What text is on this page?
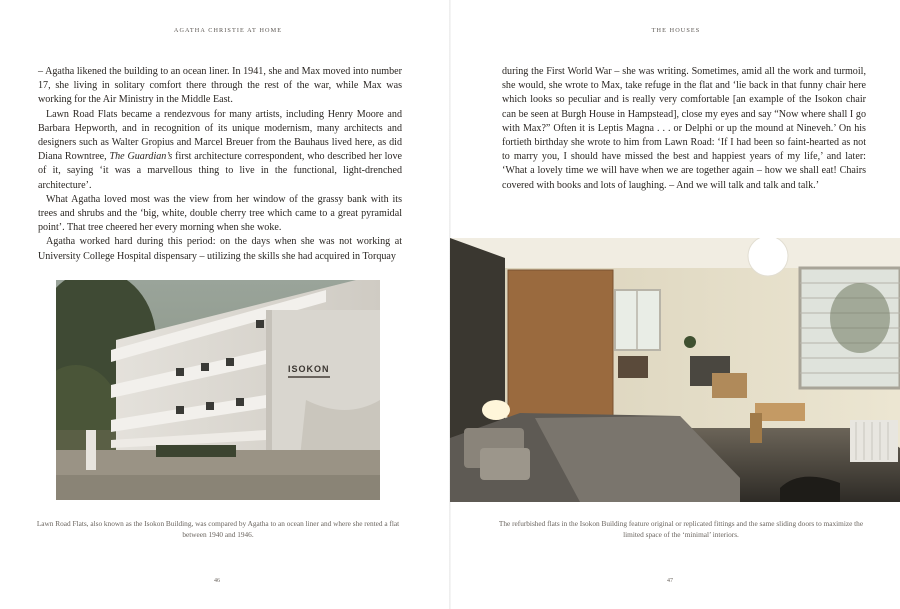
AGATHA CHRISTIE AT HOME

– Agatha likened the building to an ocean liner. In 1941, she and Max moved into number 17, she living in solitary comfort there through the rest of the war, while Max was working for the Air Ministry in the Middle East.

Lawn Road Flats became a rendezvous for many artists, including Henry Moore and Barbara Hepworth, and in recognition of its unique modernism, many architects and designers such as Walter Gropius and Marcel Breuer from the Bauhaus lived here, as did Diana Rowntree, The Guardian’s first architecture correspondent, who described her love of it, saying ‘it was a marvellous thing to live in the functional, light-drenched architecture’.

What Agatha loved most was the view from her window of the grassy bank with its trees and shrubs and the ‘big, white, double cherry tree which came to a great pyramidal point’. That tree cheered her every morning when she woke.

Agatha worked hard during this period: on the days when she was not working at University College Hospital dispensary – utilizing the skills she had acquired in Torquay

ISOKON
Lawn Road Flats, also known as the Isokon Building, was compared by Agatha to an ocean liner and where she rented a flat between 1940 and 1946.
46
THE HOUSES

during the First World War – she was writing. Sometimes, amid all the work and turmoil, she would, she wrote to Max, take refuge in the flat and ‘lie back in that funny chair here which looks so peculiar and is really very comfortable [an example of the Isokon chair can be seen at Burgh House in Hampstead], close my eyes and say “Now where shall I go with Max?” Often it is Leptis Magna . . . or Delphi or up the mound at Nineveh.’ On his fortieth birthday she wrote to him from Lawn Road: ‘If I had been so faint-hearted as not to marry you, I should have missed the best and happiest years of my life,’ and later: ‘What a lovely time we will have when we are together again – how we shall eat! Chairs covered with books and lots of laughing. – And we will talk and talk and talk.’

The refurbished flats in the Isokon Building feature original or replicated fittings and the same sliding doors to maximize the limited space of the ‘minimal’ interiors.
47
